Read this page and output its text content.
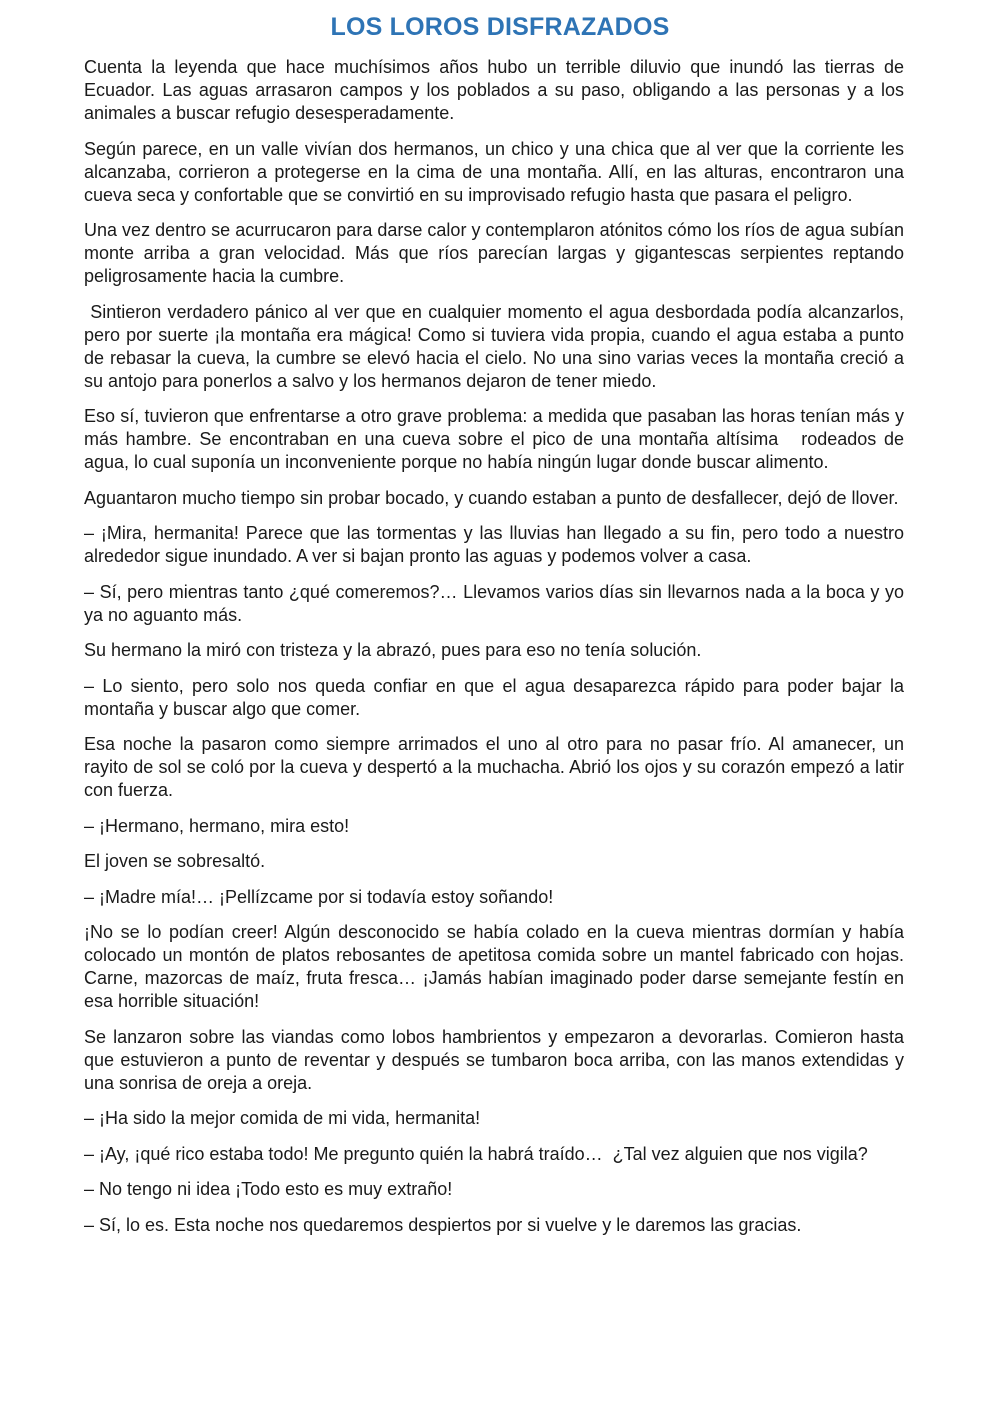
LOS LOROS DISFRAZADOS

Cuenta la leyenda que hace muchísimos años hubo un terrible diluvio que inundó las tierras de Ecuador. Las aguas arrasaron campos y los poblados a su paso, obligando a las personas y a los animales a buscar refugio desesperadamente.

Según parece, en un valle vivían dos hermanos, un chico y una chica que al ver que la corriente les alcanzaba, corrieron a protegerse en la cima de una montaña. Allí, en las alturas, encontraron una cueva seca y confortable que se convirtió en su improvisado refugio hasta que pasara el peligro.

Una vez dentro se acurrucaron para darse calor y contemplaron atónitos cómo los ríos de agua subían monte arriba a gran velocidad. Más que ríos parecían largas y gigantescas serpientes reptando peligrosamente hacia la cumbre.

Sintieron verdadero pánico al ver que en cualquier momento el agua desbordada podía alcanzarlos, pero por suerte ¡la montaña era mágica! Como si tuviera vida propia, cuando el agua estaba a punto de rebasar la cueva, la cumbre se elevó hacia el cielo. No una sino varias veces la montaña creció a su antojo para ponerlos a salvo y los hermanos dejaron de tener miedo.

Eso sí, tuvieron que enfrentarse a otro grave problema: a medida que pasaban las horas tenían más y más hambre. Se encontraban en una cueva sobre el pico de una montaña altísima   rodeados de agua, lo cual suponía un inconveniente porque no había ningún lugar donde buscar alimento.

Aguantaron mucho tiempo sin probar bocado, y cuando estaban a punto de desfallecer, dejó de llover.

– ¡Mira, hermanita! Parece que las tormentas y las lluvias han llegado a su fin, pero todo a nuestro alrededor sigue inundado. A ver si bajan pronto las aguas y podemos volver a casa.

– Sí, pero mientras tanto ¿qué comeremos?… Llevamos varios días sin llevarnos nada a la boca y yo ya no aguanto más.

Su hermano la miró con tristeza y la abrazó, pues para eso no tenía solución.

– Lo siento, pero solo nos queda confiar en que el agua desaparezca rápido para poder bajar la montaña y buscar algo que comer.

Esa noche la pasaron como siempre arrimados el uno al otro para no pasar frío. Al amanecer, un rayito de sol se coló por la cueva y despertó a la muchacha. Abrió los ojos y su corazón empezó a latir con fuerza.

– ¡Hermano, hermano, mira esto!

El joven se sobresaltó.

– ¡Madre mía!… ¡Pellízcame por si todavía estoy soñando!

¡No se lo podían creer! Algún desconocido se había colado en la cueva mientras dormían y había colocado un montón de platos rebosantes de apetitosa comida sobre un mantel fabricado con hojas. Carne, mazorcas de maíz, fruta fresca… ¡Jamás habían imaginado poder darse semejante festín en esa horrible situación!

Se lanzaron sobre las viandas como lobos hambrientos y empezaron a devorarlas. Comieron hasta que estuvieron a punto de reventar y después se tumbaron boca arriba, con las manos extendidas y una sonrisa de oreja a oreja.

– ¡Ha sido la mejor comida de mi vida, hermanita!

– ¡Ay, ¡qué rico estaba todo! Me pregunto quién la habrá traído…  ¿Tal vez alguien que nos vigila?

– No tengo ni idea ¡Todo esto es muy extraño!

– Sí, lo es. Esta noche nos quedaremos despiertos por si vuelve y le daremos las gracias.
